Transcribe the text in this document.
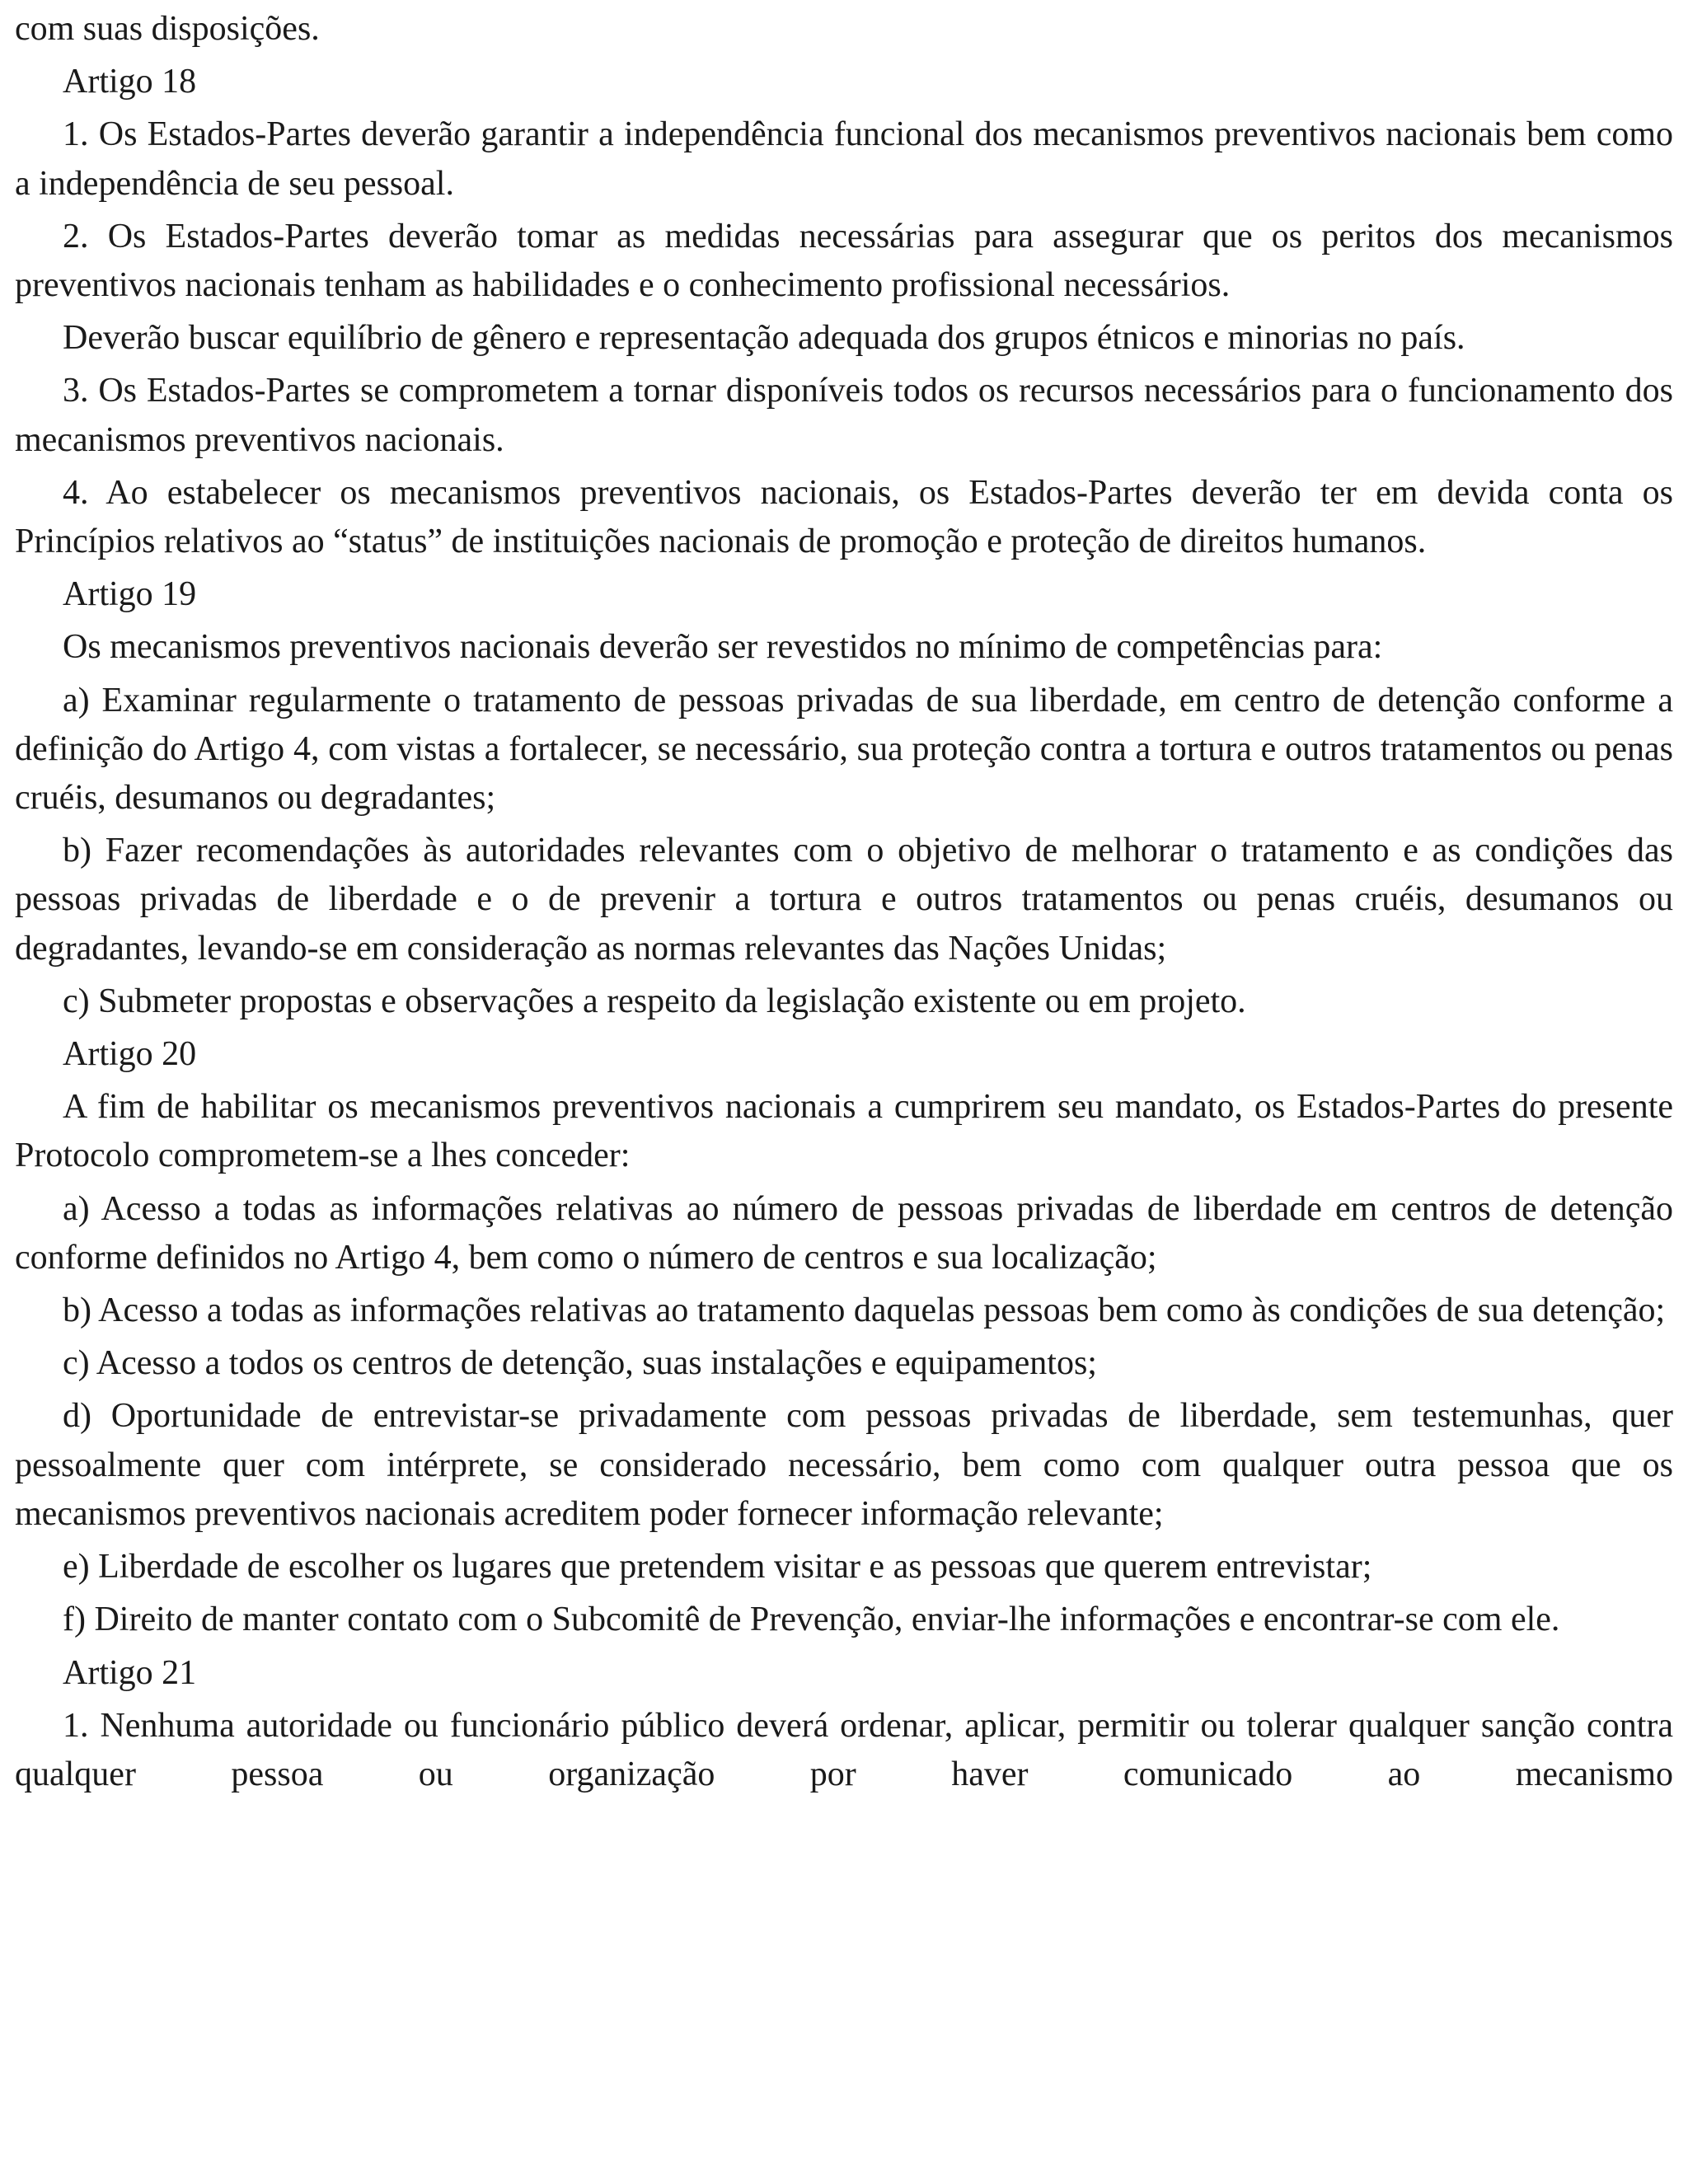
com suas disposições.

Artigo 18

1. Os Estados-Partes deverão garantir a independência funcional dos mecanismos preventivos nacionais bem como a independência de seu pessoal.

2. Os Estados-Partes deverão tomar as medidas necessárias para assegurar que os peritos dos mecanismos preventivos nacionais tenham as habilidades e o conhecimento profissional necessários.

Deverão buscar equilíbrio de gênero e representação adequada dos grupos étnicos e minorias no país.

3. Os Estados-Partes se comprometem a tornar disponíveis todos os recursos necessários para o funcionamento dos mecanismos preventivos nacionais.

4. Ao estabelecer os mecanismos preventivos nacionais, os Estados-Partes deverão ter em devida conta os Princípios relativos ao “status” de instituições nacionais de promoção e proteção de direitos humanos.

Artigo 19

Os mecanismos preventivos nacionais deverão ser revestidos no mínimo de competências para:

a) Examinar regularmente o tratamento de pessoas privadas de sua liberdade, em centro de detenção conforme a definição do Artigo 4, com vistas a fortalecer, se necessário, sua proteção contra a tortura e outros tratamentos ou penas cruéis, desumanos ou degradantes;

b) Fazer recomendações às autoridades relevantes com o objetivo de melhorar o tratamento e as condições das pessoas privadas de liberdade e o de prevenir a tortura e outros tratamentos ou penas cruéis, desumanos ou degradantes, levando-se em consideração as normas relevantes das Nações Unidas;

c) Submeter propostas e observações a respeito da legislação existente ou em projeto.

Artigo 20

A fim de habilitar os mecanismos preventivos nacionais a cumprirem seu mandato, os Estados-Partes do presente Protocolo comprometem-se a lhes conceder:

a) Acesso a todas as informações relativas ao número de pessoas privadas de liberdade em centros de detenção conforme definidos no Artigo 4, bem como o número de centros e sua localização;

b) Acesso a todas as informações relativas ao tratamento daquelas pessoas bem como às condições de sua detenção;

c) Acesso a todos os centros de detenção, suas instalações e equipamentos;

d) Oportunidade de entrevistar-se privadamente com pessoas privadas de liberdade, sem testemunhas, quer pessoalmente quer com intérprete, se considerado necessário, bem como com qualquer outra pessoa que os mecanismos preventivos nacionais acreditem poder fornecer informação relevante;

e) Liberdade de escolher os lugares que pretendem visitar e as pessoas que querem entrevistar;

f) Direito de manter contato com o Subcomitê de Prevenção, enviar-lhe informações e encontrar-se com ele.

Artigo 21

1. Nenhuma autoridade ou funcionário público deverá ordenar, aplicar, permitir ou tolerar qualquer sanção contra qualquer pessoa ou organização por haver comunicado ao mecanismo
